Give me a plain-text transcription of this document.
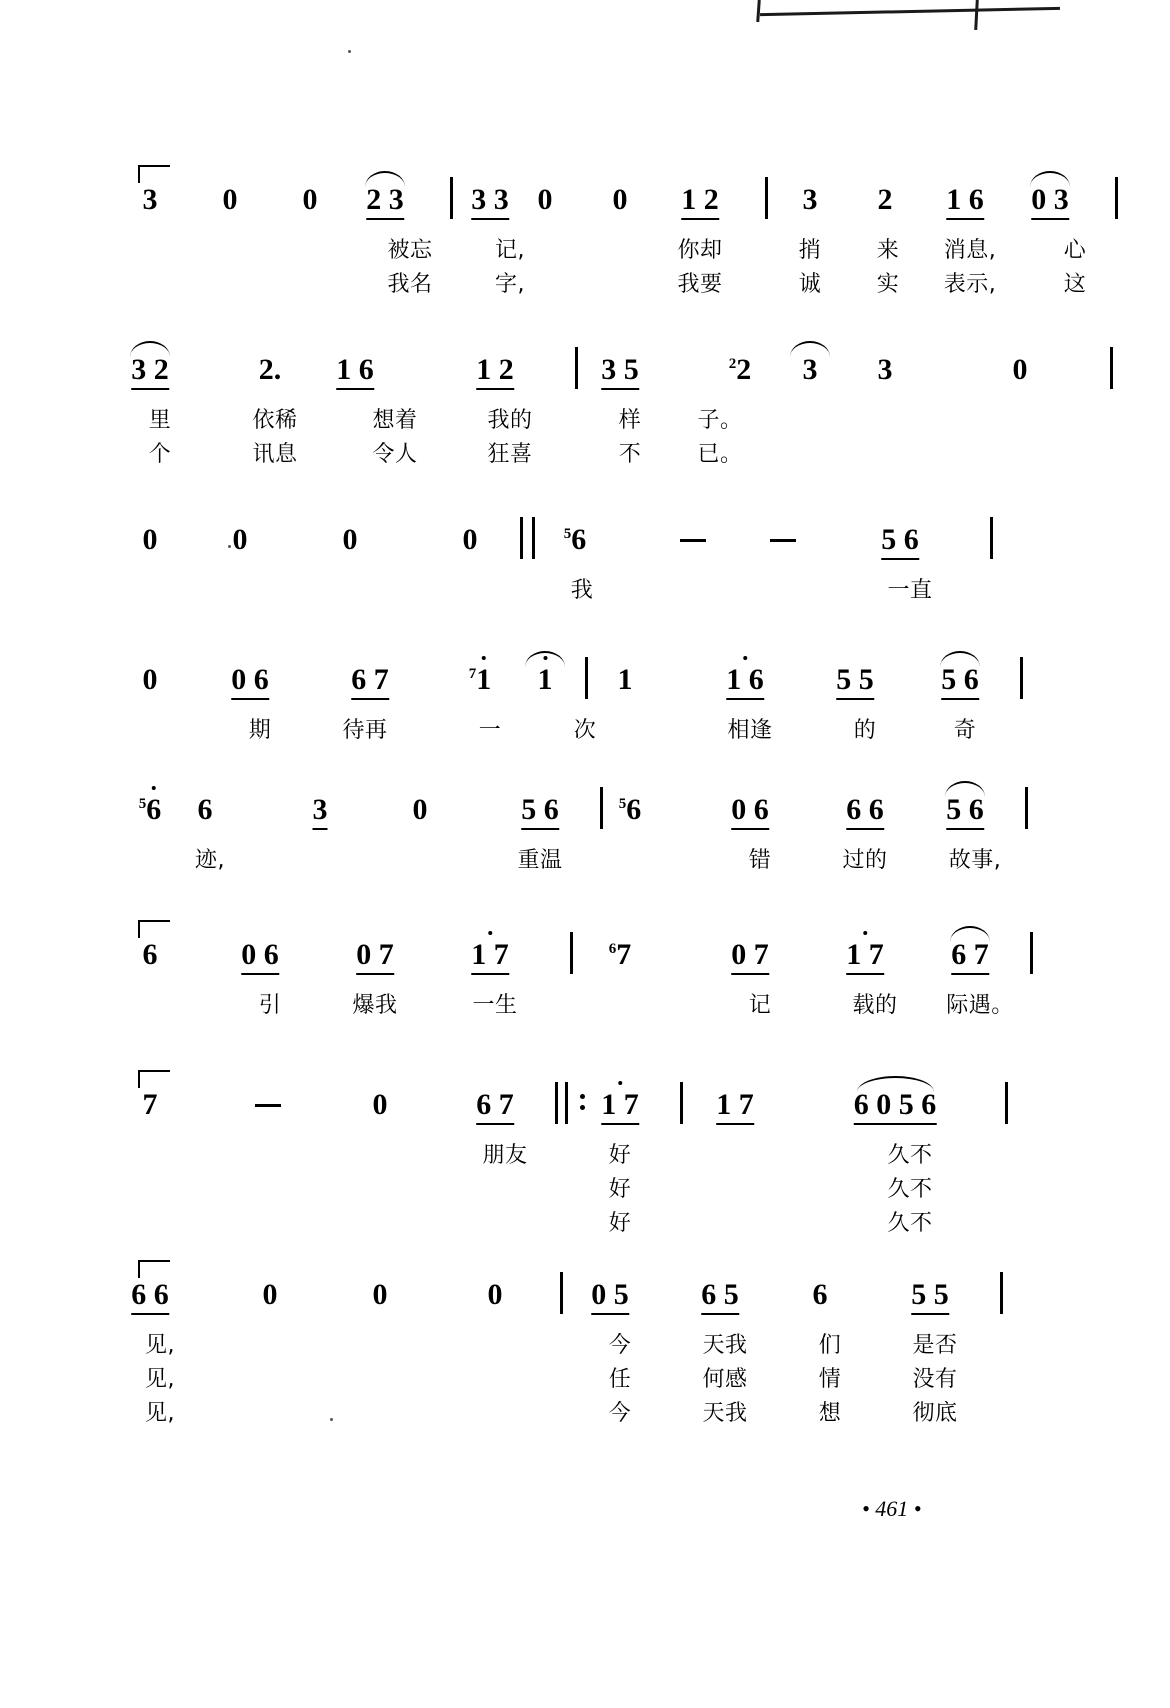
3 0 0 2 3 3 3 0 0 1 2	3 2 1 6 0 3
被忘	记,	你却	捎	来 消息,	心
我名	字,	我要	诚	实 表示,	这
3 2	2. 1 6	1 2	3 5	$^2$2 3 3	0
里	依稀	想着	我的	样	子。
个	讯息	令人	狂喜	不	已。
0	0	0	0	$^5$6	5 6
我	一直
0 0 6	6 7	$^7$1 1 1	1 6 5 5 5 6
期	待再	一	次	相逢	的	奇
$^5$6 6	3	0	5 6	$^5$6	0 6	6 6 5 6
迹,	重温	错	过的	故事,
6	0 6	0 7	1 7	$^6$7	0 7	1 7 6 7
引	爆我	一生	记	载的 际遇。
7	0	6 7	1 7	1 7	6 0 5 6
朋友	好	久不
好	久不
好	久不
6 6	0	0	0	0 5 6 5 6	5 5
见,	今	天我	们	是否
见,	任	何感	情	没有
见,	今	天我	想	彻底
• 461 •
